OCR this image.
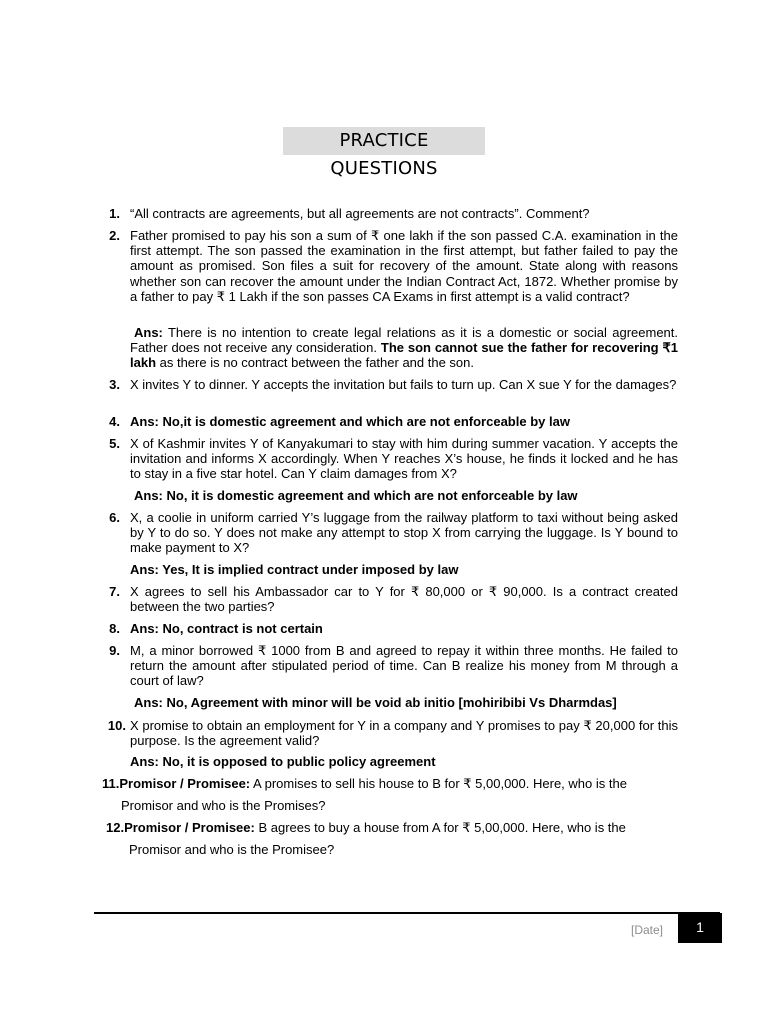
PRACTICE QUESTIONS
1. “All contracts are agreements, but all agreements are not contracts”. Comment?
2. Father promised to pay his son a sum of ₹ one lakh if the son passed C.A. examination in the first attempt. The son passed the examination in the first attempt, but father failed to pay the amount as promised. Son files a suit for recovery of the amount. State along with reasons whether son can recover the amount under the Indian Contract Act, 1872. Whether promise by a father to pay ₹ 1 Lakh if the son passes CA Exams in first attempt is a valid contract?
Ans: There is no intention to create legal relations as it is a domestic or social agreement. Father does not receive any consideration. The son cannot sue the father for recovering ₹1 lakh as there is no contract between the father and the son.
3. X invites Y to dinner. Y accepts the invitation but fails to turn up. Can X sue Y for the damages?
4. Ans: No,it is domestic agreement and which are not enforceable by law
5. X of Kashmir invites Y of Kanyakumari to stay with him during summer vacation. Y accepts the invitation and informs X accordingly. When Y reaches X’s house, he finds it locked and he has to stay in a five star hotel. Can Y claim damages from X?
Ans: No, it is domestic agreement and which are not enforceable by law
6. X, a coolie in uniform carried Y’s luggage from the railway platform to taxi without being asked by Y to do so. Y does not make any attempt to stop X from carrying the luggage. Is Y bound to make payment to X?
Ans: Yes, It is implied contract under imposed by law
7. X agrees to sell his Ambassador car to Y for ₹ 80,000 or ₹ 90,000. Is a contract created between the two parties?
8. Ans: No, contract is not certain
9. M, a minor borrowed ₹ 1000 from B and agreed to repay it within three months. He failed to return the amount after stipulated period of time. Can B realize his money from M through a court of law?
Ans: No, Agreement with minor will be void ab initio [mohiribibi Vs Dharmdas]
10. X promise to obtain an employment for Y in a company and Y promises to pay ₹ 20,000 for this purpose. Is the agreement valid?
Ans: No, it is opposed to public policy agreement
11.Promisor / Promisee: A promises to sell his house to B for ₹ 5,00,000. Here, who is the
Promisor and who is the Promises?
12.Promisor / Promisee: B agrees to buy a house from A for ₹ 5,00,000. Here, who is the
Promisor and who is the Promisee?
[Date]	1
